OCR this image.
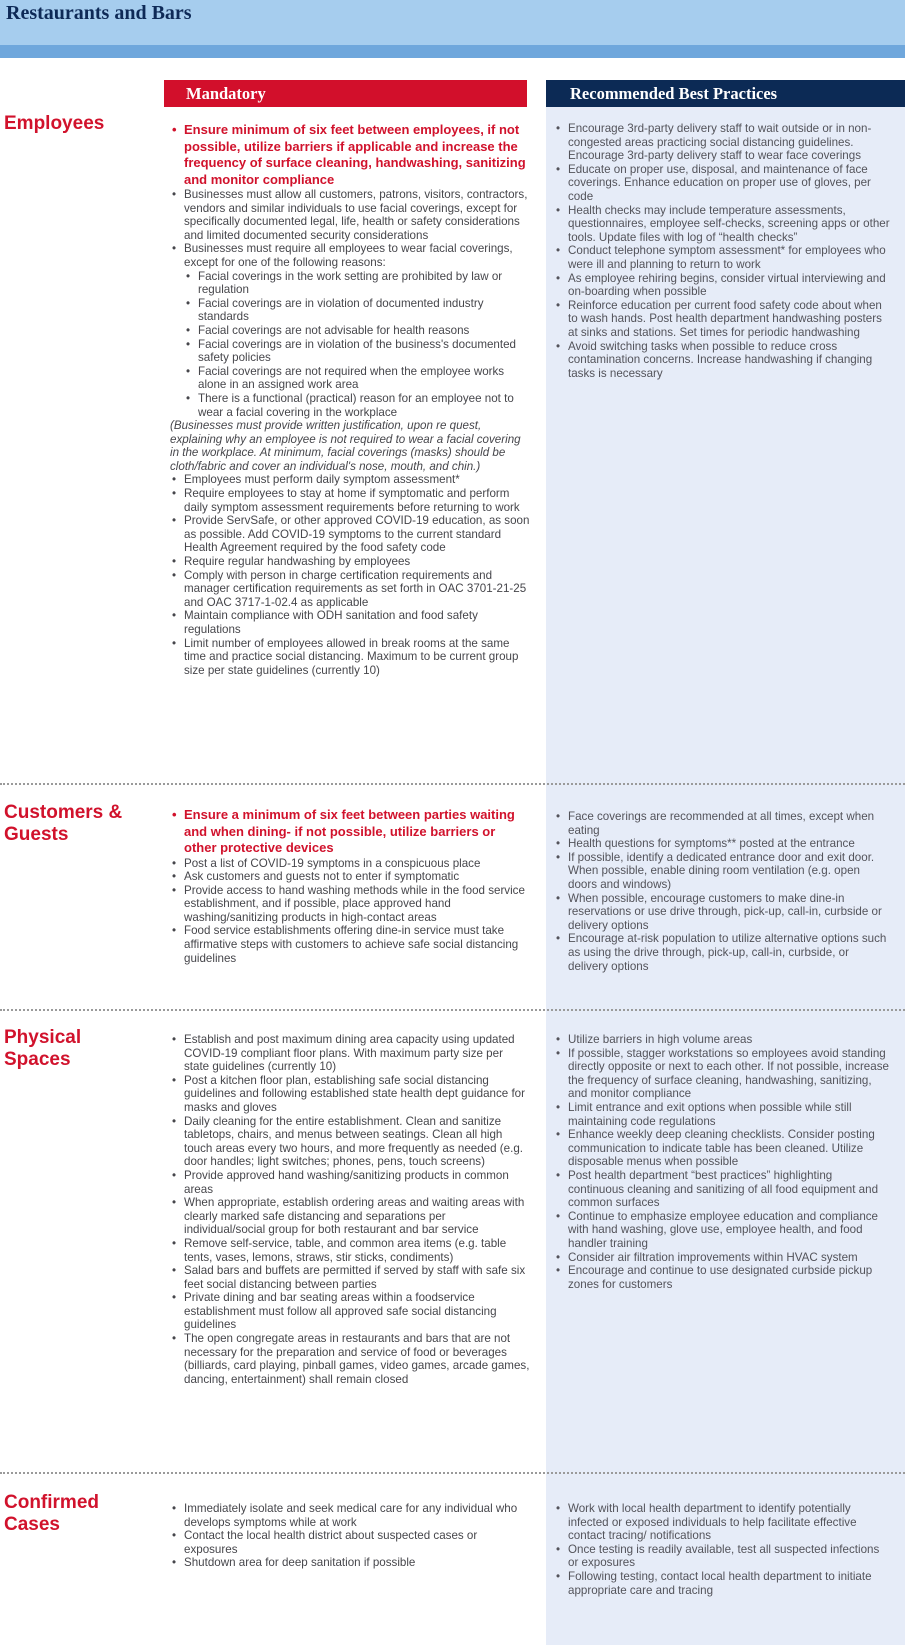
Restaurants and Bars
Mandatory	Recommended Best Practices
Employees
•	Ensure minimum of six feet between employees, if not possible, utilize barriers if applicable and increase the frequency of surface cleaning, handwashing, sanitizing and monitor compliance
• Businesses must allow all customers, patrons, visitors, contractors, vendors and similar individuals to use facial coverings, except for specifically documented legal, life, health or safety considerations and limited documented security considerations
• Businesses must require all employees to wear facial coverings, except for one of the following reasons:
• Facial coverings in the work setting are prohibited by law or regulation
• Facial coverings are in violation of documented industry standards
• Facial coverings are not advisable for health reasons
• Facial coverings are in violation of the business's documented safety policies
• Facial coverings are not required when the employee works alone in an assigned work area
• There is a functional (practical) reason for an employee not to wear a facial covering in the workplace

(Businesses must provide written justification, upon re quest, explaining why an employee is not required to wear a facial covering in the workplace. At minimum, facial coverings (masks) should be cloth/fabric and cover an individual's nose, mouth, and chin.)

• Employees must perform daily symptom assessment*
• Require employees to stay at home if symptomatic and perform daily symptom assessment requirements before returning to work
• Provide ServSafe, or other approved COVID-19 education, as soon as possible. Add COVID-19 symptoms to the current standard Health Agreement required by the food safety code
• Require regular handwashing by employees
• Comply with person in charge certification requirements and manager certification requirements as set forth in OAC 3701-21-25 and OAC 3717-1-02.4 as applicable
• Maintain compliance with ODH sanitation and food safety regulations
• Limit number of employees allowed in break rooms at the same time and practice social distancing. Maximum to be current group size per state guidelines (currently 10)
• Encourage 3rd-party delivery staff to wait outside or in non-congested areas practicing social distancing guidelines. Encourage 3rd-party delivery staff to wear face coverings
• Educate on proper use, disposal, and maintenance of face coverings. Enhance education on proper use of gloves, per code
• Health checks may include temperature assessments, questionnaires, employee self-checks, screening apps or other tools. Update files with log of “health checks”
• Conduct telephone symptom assessment* for employees who were ill and planning to return to work
• As employee rehiring begins, consider virtual interviewing and on-boarding when possible
• Reinforce education per current food safety code about when to wash hands. Post health department handwashing posters at sinks and stations. Set times for periodic handwashing
• Avoid switching tasks when possible to reduce cross contamination concerns. Increase handwashing if changing tasks is necessary
Customers & Guests
• Ensure a minimum of six feet between parties waiting and when dining- if not possible, utilize barriers or other protective devices
• Post a list of COVID-19 symptoms in a conspicuous place
• Ask customers and guests not to enter if symptomatic
• Provide access to hand washing methods while in the food service establishment, and if possible, place approved hand washing/sanitizing products in high-contact areas
• Food service establishments offering dine-in service must take affirmative steps with customers to achieve safe social distancing guidelines
• Face coverings are recommended at all times, except when eating
• Health questions for symptoms** posted at the entrance
• If possible, identify a dedicated entrance door and exit door. When possible, enable dining room ventilation (e.g. open doors and windows)
• When possible, encourage customers to make dine-in reservations or use drive through, pick-up, call-in, curbside or delivery options
• Encourage at-risk population to utilize alternative options such as using the drive through, pick-up, call-in, curbside, or delivery options
Physical Spaces
• Establish and post maximum dining area capacity using updated COVID-19 compliant floor plans. With maximum party size per state guidelines (currently 10)
• Post a kitchen floor plan, establishing safe social distancing guidelines and following established state health dept guidance for masks and gloves
• Daily cleaning for the entire establishment. Clean and sanitize tabletops, chairs, and menus between seatings. Clean all high touch areas every two hours, and more frequently as needed (e.g. door handles; light switches; phones, pens, touch screens)
• Provide approved hand washing/sanitizing products in common areas
• When appropriate, establish ordering areas and waiting areas with clearly marked safe distancing and separations per individual/social group for both restaurant and bar service
• Remove self-service, table, and common area items (e.g. table tents, vases, lemons, straws, stir sticks, condiments)
• Salad bars and buffets are permitted if served by staff with safe six feet social distancing between parties
• Private dining and bar seating areas within a foodservice establishment must follow all approved safe social distancing guidelines
• The open congregate areas in restaurants and bars that are not necessary for the preparation and service of food or beverages (billiards, card playing, pinball games, video games, arcade games, dancing, entertainment) shall remain closed
• Utilize barriers in high volume areas
• If possible, stagger workstations so employees avoid standing directly opposite or next to each other. If not possible, increase the frequency of surface cleaning, handwashing, sanitizing, and monitor compliance
• Limit entrance and exit options when possible while still maintaining code regulations
• Enhance weekly deep cleaning checklists. Consider posting communication to indicate table has been cleaned. Utilize disposable menus when possible
• Post health department “best practices” highlighting continuous cleaning and sanitizing of all food equipment and common surfaces
• Continue to emphasize employee education and compliance with hand washing, glove use, employee health, and food handler training
• Consider air filtration improvements within HVAC system
• Encourage and continue to use designated curbside pickup zones for customers
Confirmed Cases
• Immediately isolate and seek medical care for any individual who develops symptoms while at work
• Contact the local health district about suspected cases or exposures
• Shutdown area for deep sanitation if possible
• Work with local health department to identify potentially infected or exposed individuals to help facilitate effective contact tracing/ notifications
• Once testing is readily available, test all suspected infections or exposures
• Following testing, contact local health department to initiate appropriate care and tracing
